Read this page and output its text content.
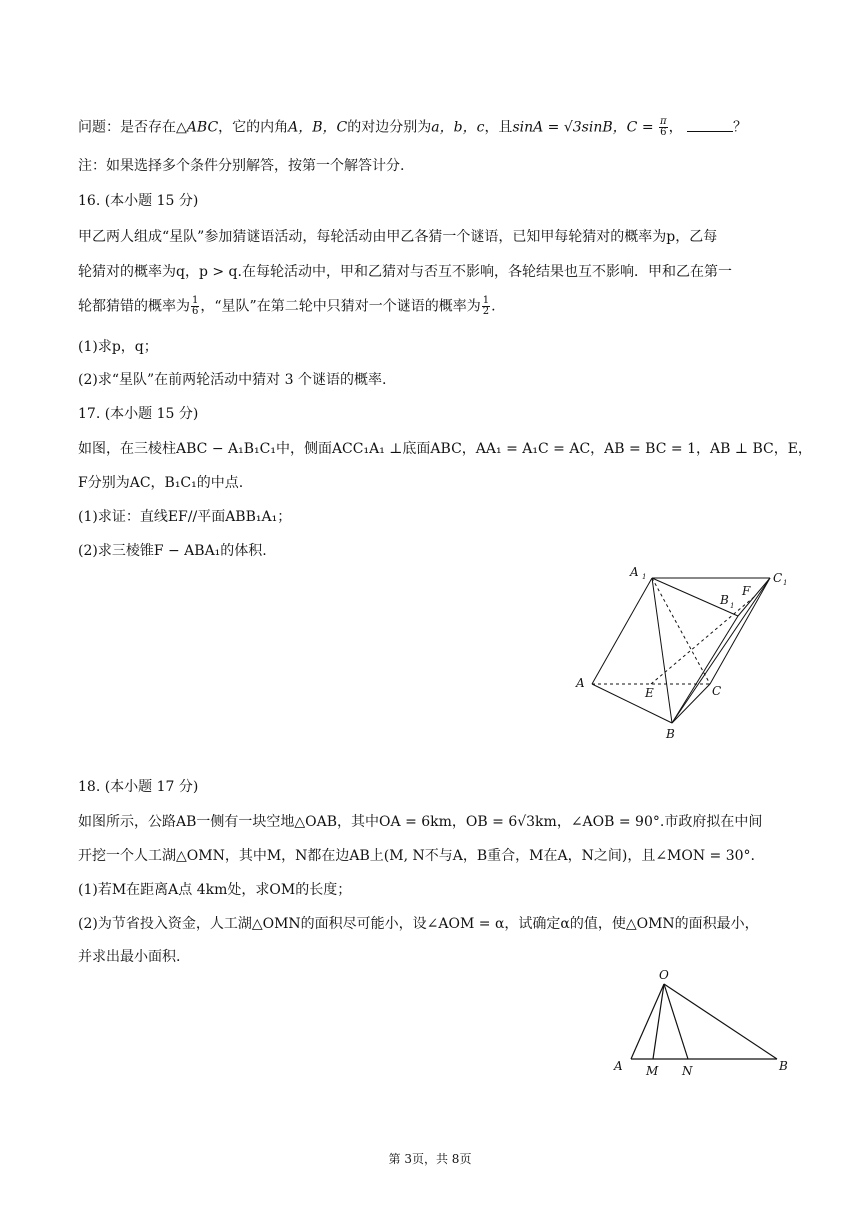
问题：是否存在△ABC，它的内角A，B，C的对边分别为a，b，c，且sinA = √3sinB，$C = \frac{\pi}{6}$ ，	？
注：如果选择多个条件分别解答，按第一个解答计分.
16. (本小题 15 分)
甲乙两人组成“星队”参加猜谜语活动，每轮活动由甲乙各猜一个谜语，已知甲每轮猜对的概率为p，乙每
轮猜对的概率为q，p > q.在每轮活动中，甲和乙猜对与否互不影响，各轮结果也互不影响．甲和乙在第一
轮都猜错的概率为 $\frac{1}{6}$ ，“星队”在第二轮中只猜对一个谜语的概率为 $\frac{1}{2}$ .
(1)求p，q；
(2)求“星队”在前两轮活动中猜对 3 个谜语的概率.
17. (本小题 15 分)
如图，在三棱柱ABC − A₁B₁C₁中，侧面ACC₁A₁ ⊥底面ABC，AA₁ = A₁C = AC，AB = BC = 1，AB ⊥ BC，E，
F分别为AC，B₁C₁的中点.
(1)求证：直线EF//平面ABB₁A₁；
(2)求三棱锥F − ABA₁的体积.
A 1	C 1
B 1
F
A
E	C
B
18. (本小题 17 分)
如图所示，公路AB一侧有一块空地△OAB，其中OA = 6km，OB = 6√3km，∠AOB = 90°.市政府拟在中间
开挖一个人工湖△OMN，其中M，N都在边AB上(M, N不与A，B重合，M在A，N之间)，且∠MON = 30°.
(1)若M在距离A点 4km处，求OM的长度；
(2)为节省投入资金，人工湖△OMN的面积尽可能小，设∠AOM = α，试确定α的值，使△OMN的面积最小，
并求出最小面积.
O
A M N	B
第 3页，共 8页
